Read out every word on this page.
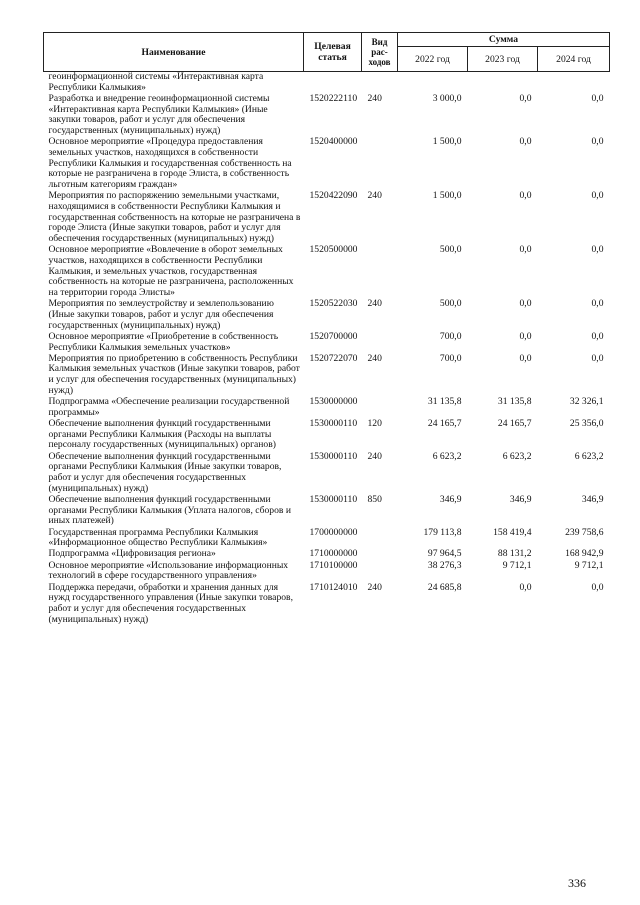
Наименование	Целевая статья	Вид рас-ходов	Сумма		
			2022 год	2023 год	2024 год
геоинформационной системы «Интерактивная карта Республики Калмыкия»					
Разработка и внедрение геоинформационной системы «Интерактивная карта Республики Калмыкия» (Иные закупки товаров, работ и услуг для обеспечения государственных (муниципальных) нужд)	1520222110	240	3 000,0	0,0	0,0
Основное мероприятие «Процедура предоставления земельных участков, находящихся в собственности Республики Калмыкия и государственная собственность на которые не разграничена в городе Элиста, в собственность льготным категориям граждан»	1520400000		1 500,0	0,0	0,0
Мероприятия по распоряжению земельными участками, находящимися в собственности Республики Калмыкия и государственная собственность на которые не разграничена в городе Элиста (Иные закупки товаров, работ и услуг для обеспечения государственных (муниципальных) нужд)	1520422090	240	1 500,0	0,0	0,0
Основное мероприятие «Вовлечение в оборот земельных участков, находящихся в собственности Республики Калмыкия, и земельных участков, государственная собственность на которые не разграничена, расположенных на территории города Элисты»	1520500000		500,0	0,0	0,0
Мероприятия по землеустройству и землепользованию (Иные закупки товаров, работ и услуг для обеспечения государственных (муниципальных) нужд)	1520522030	240	500,0	0,0	0,0
Основное мероприятие «Приобретение в собственность Республики Калмыкия земельных участков»	1520700000		700,0	0,0	0,0
Мероприятия по приобретению в собственность Республики Калмыкия земельных участков (Иные закупки товаров, работ и услуг для обеспечения государственных (муниципальных) нужд)	1520722070	240	700,0	0,0	0,0
Подпрограмма «Обеспечение реализации государственной программы»	1530000000		31 135,8	31 135,8	32 326,1
Обеспечение выполнения функций государственными органами Республики Калмыкия (Расходы на выплаты персоналу государственных (муниципальных) органов)	1530000110	120	24 165,7	24 165,7	25 356,0
Обеспечение выполнения функций государственными органами Республики Калмыкия (Иные закупки товаров, работ и услуг для обеспечения государственных (муниципальных) нужд)	1530000110	240	6 623,2	6 623,2	6 623,2
Обеспечение выполнения функций государственными органами Республики Калмыкия (Уплата налогов, сборов и иных платежей)	1530000110	850	346,9	346,9	346,9
Государственная программа Республики Калмыкия «Информационное общество Республики Калмыкия»	1700000000		179 113,8	158 419,4	239 758,6
Подпрограмма «Цифровизация региона»	1710000000		97 964,5	88 131,2	168 942,9
Основное мероприятие «Использование информационных технологий в сфере государственного управления»	1710100000		38 276,3	9 712,1	9 712,1
Поддержка передачи, обработки и хранения данных для нужд государственного управления (Иные закупки товаров, работ и услуг для обеспечения государственных (муниципальных) нужд)	1710124010	240	24 685,8	0,0	0,0
336
